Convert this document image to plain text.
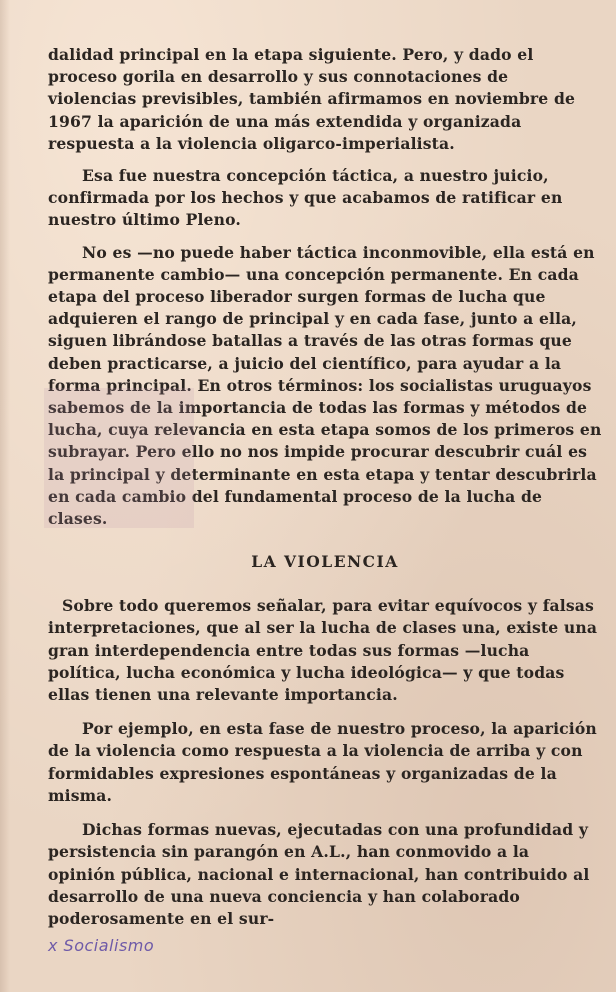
dalidad principal en la etapa siguiente. Pero, y dado el proceso gorila en desarrollo y sus connotaciones de violencias previsibles, también afirmamos en noviembre de 1967 la aparición de una más extendida y organizada respuesta a la violencia oligarco-imperialista.

Esa fue nuestra concepción táctica, a nuestro juicio, confirmada por los hechos y que acabamos de ratificar en nuestro último Pleno.

No es —no puede haber táctica inconmovible, ella está en permanente cambio— una concepción permanente. En cada etapa del proceso liberador surgen formas de lucha que adquieren el rango de principal y en cada fase, junto a ella, siguen librándose batallas a través de las otras formas que deben practicarse, a juicio del científico, para ayudar a la forma principal. En otros términos: los socialistas uruguayos sabemos de la importancia de todas las formas y métodos de lucha, cuya relevancia en esta etapa somos de los primeros en subrayar. Pero ello no nos impide procurar descubrir cuál es la principal y determinante en esta etapa y tentar descubrirla en cada cambio del fundamental proceso de la lucha de clases.

LA VIOLENCIA

Sobre todo queremos señalar, para evitar equívocos y falsas interpretaciones, que al ser la lucha de clases una, existe una gran interdependencia entre todas sus formas —lucha política, lucha económica y lucha ideológica— y que todas ellas tienen una relevante importancia.

Por ejemplo, en esta fase de nuestro proceso, la aparición de la violencia como respuesta a la violencia de arriba y con formidables expresiones espontáneas y organizadas de la misma.

Dichas formas nuevas, ejecutadas con una profundidad y persistencia sin parangón en A.L., han conmovido a la opinión pública, nacional e internacional, han contribuido al desarrollo de una nueva conciencia y han colaborado poderosamente en el sur-

x Socialismo
